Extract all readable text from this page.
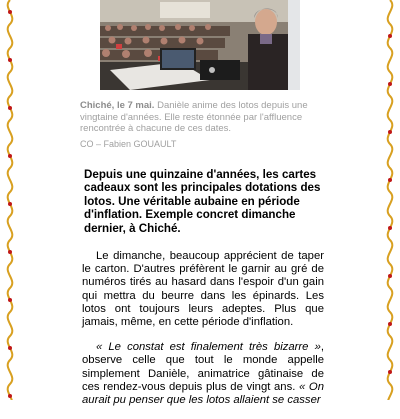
Chiché, le 7 mai. Danièle anime des lotos depuis une vingtaine d'années. Elle reste étonnée par l'affluence rencontrée à chacune de ces dates.
CO – Fabien GOUAULT
Depuis une quinzaine d'années, les cartes cadeaux sont les principales dotations des lotos. Une véritable aubaine en période d'inflation. Exemple concret dimanche dernier, à Chiché.

Le dimanche, beaucoup apprécient de taper le carton. D'autres préfèrent le garnir au gré de numéros tirés au hasard dans l'espoir d'un gain qui mettra du beurre dans les épinards. Les lotos ont toujours leurs adeptes. Plus que jamais, même, en cette période d'inflation.

« Le constat est finalement très bizarre », observe celle que tout le monde appelle simplement Danièle, animatrice gâtinaise de ces rendez-vous depuis plus de vingt ans. « On aurait pu penser que les lotos allaient se casser
